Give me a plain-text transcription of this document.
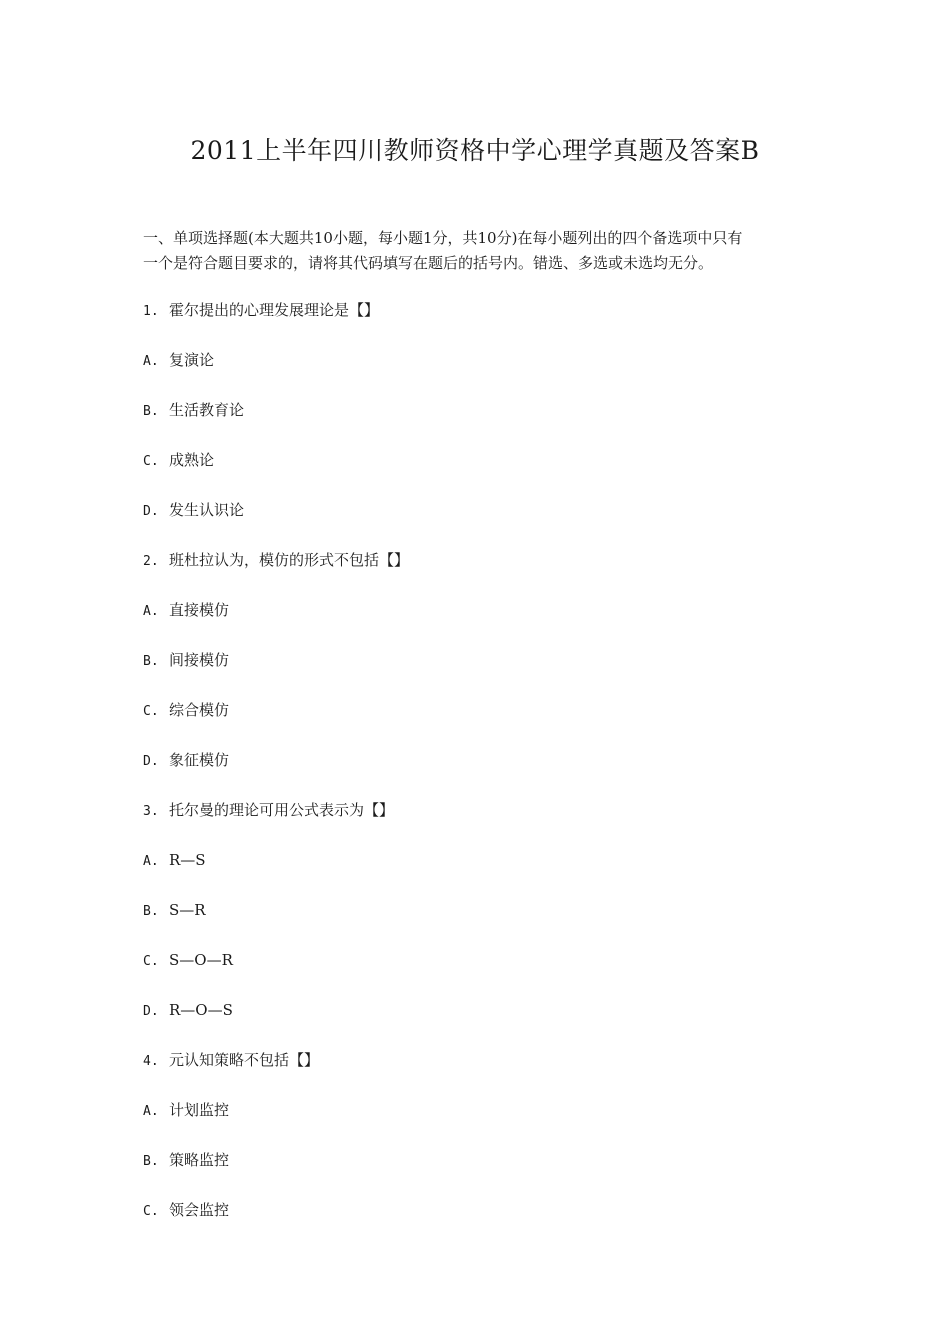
2011上半年四川教师资格中学心理学真题及答案B

一、单项选择题(本大题共10小题，每小题1分，共10分)在每小题列出的四个备选项中只有

一个是符合题目要求的，请将其代码填写在题后的括号内。错选、多选或未选均无分。

1. 霍尔提出的心理发展理论是【】
A. 复演论
B. 生活教育论
C. 成熟论
D. 发生认识论
2. 班杜拉认为，模仿的形式不包括【】
A. 直接模仿
B. 间接模仿
C. 综合模仿
D. 象征模仿
3. 托尔曼的理论可用公式表示为【】
A. R—S
B. S—R
C. S—O—R
D. R—O—S
4. 元认知策略不包括【】
A. 计划监控
B. 策略监控
C. 领会监控
